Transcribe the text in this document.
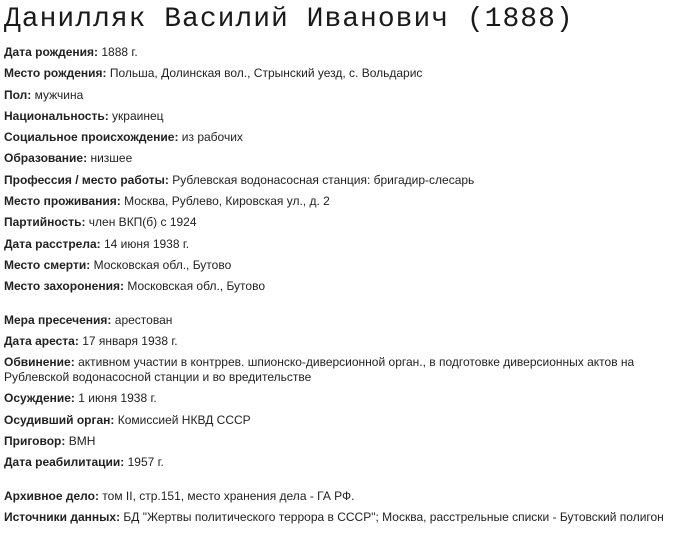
Данилляк Василий Иванович (1888)
Дата рождения: 1888 г.
Место рождения: Польша, Долинская вол., Стрынский уезд, с. Вольдарис
Пол: мужчина
Национальность: украинец
Социальное происхождение: из рабочих
Образование: низшее
Профессия / место работы: Рублевская водонасосная станция: бригадир-слесарь
Место проживания: Москва, Рублево, Кировская ул., д. 2
Партийность: член ВКП(б) с 1924
Дата расстрела: 14 июня 1938 г.
Место смерти: Московская обл., Бутово
Место захоронения: Московская обл., Бутово
Мера пресечения: арестован
Дата ареста: 17 января 1938 г.
Обвинение: активном участии в контррев. шпионско-диверсионной орган., в подготовке диверсионных актов на Рублевской водонасосной станции и во вредительстве
Осуждение: 1 июня 1938 г.
Осудивший орган: Комиссией НКВД СССР
Приговор: ВМН
Дата реабилитации: 1957 г.
Архивное дело: том II, стр.151, место хранения дела - ГА РФ.
Источники данных: БД "Жертвы политического террора в СССР"; Москва, расстрельные списки - Бутовский полигон
